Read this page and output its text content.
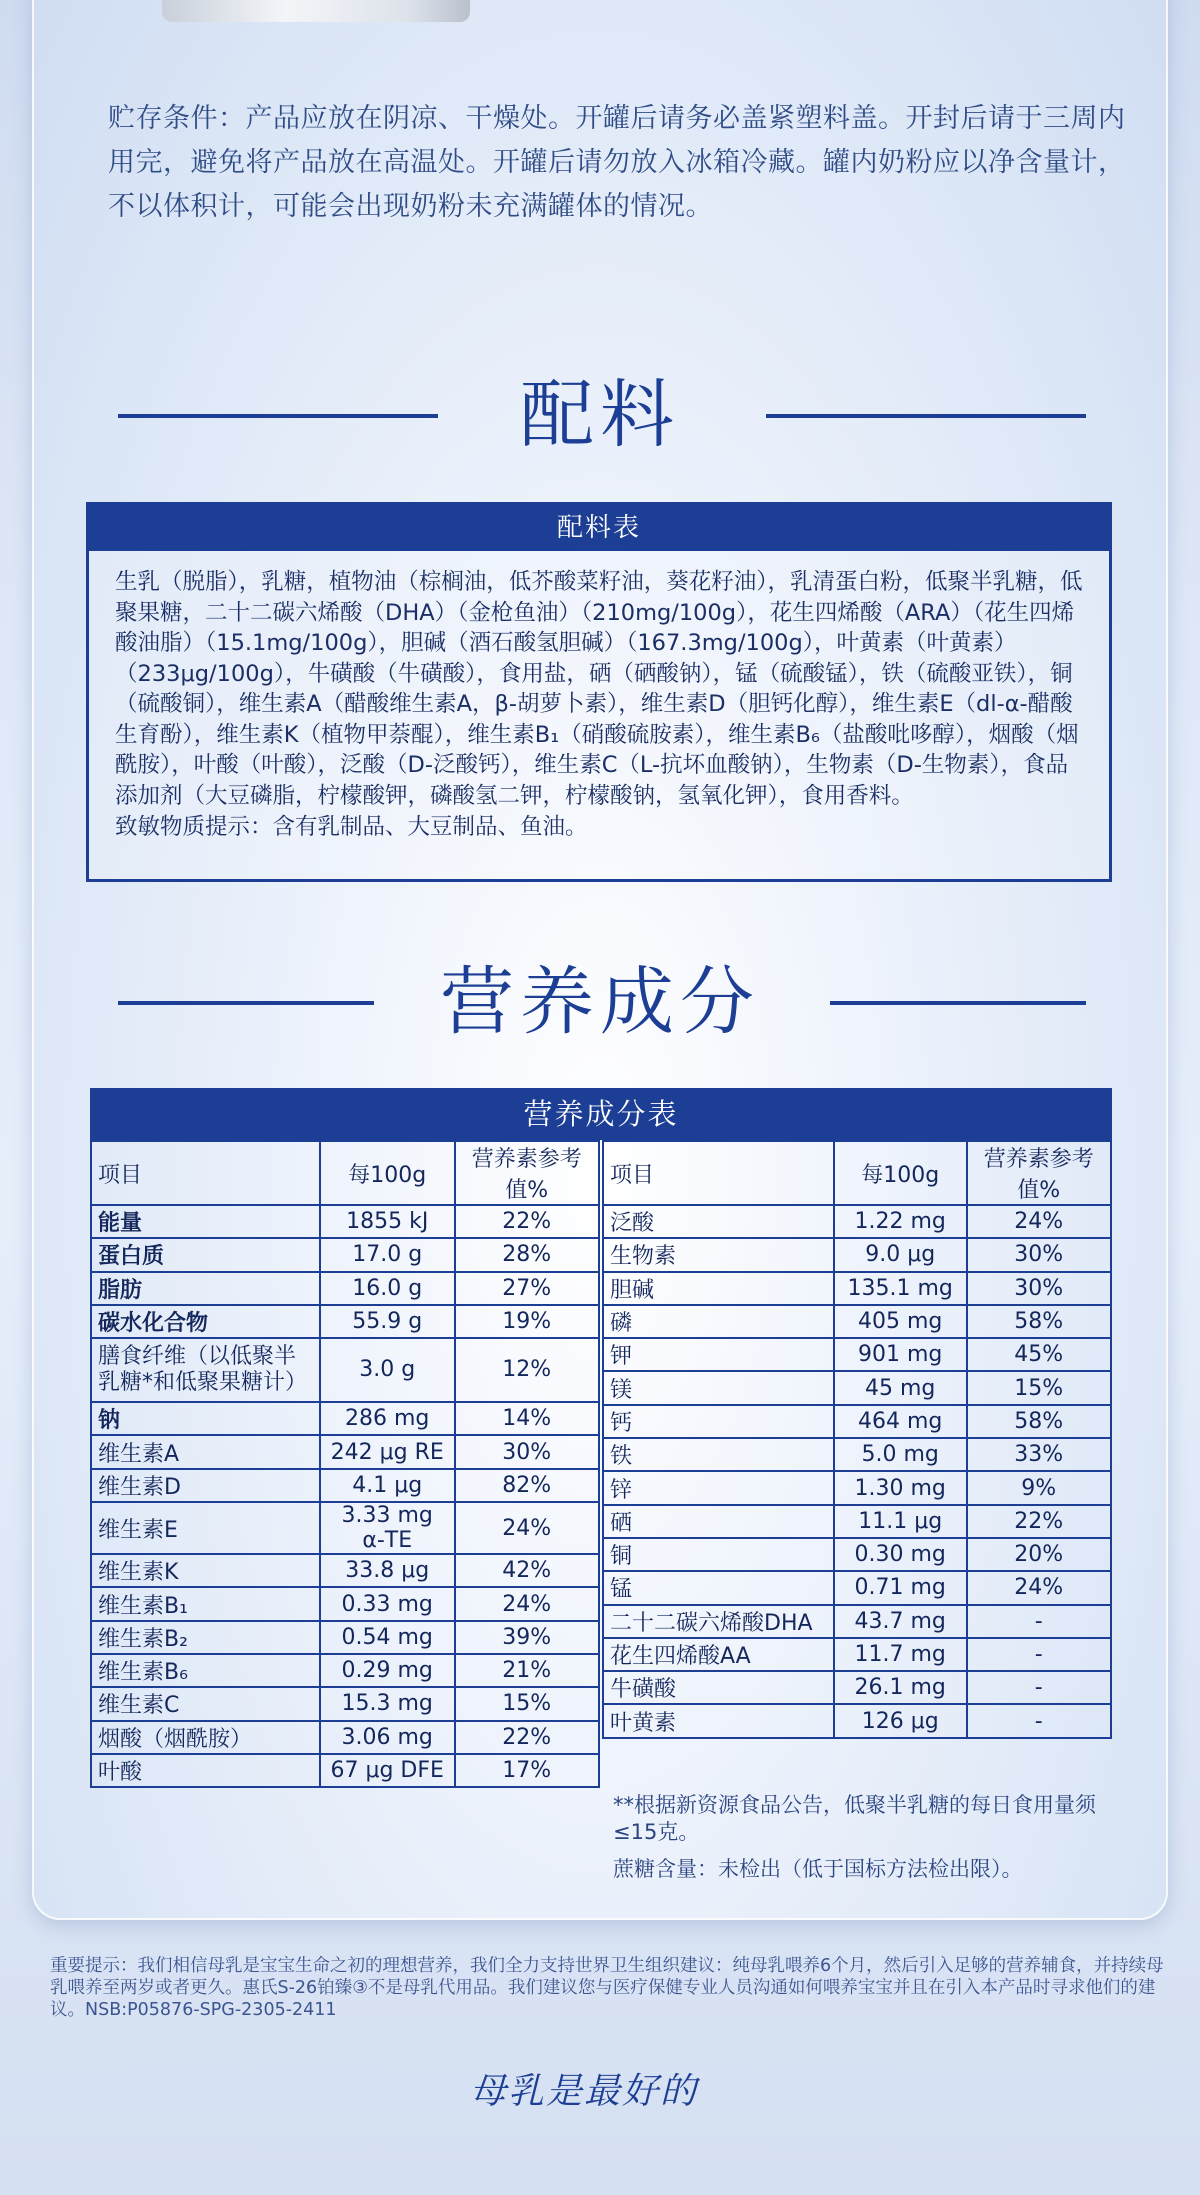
贮存条件：产品应放在阴凉、干燥处。开罐后请务必盖紧塑料盖。开封后请于三周内用完，避免将产品放在高温处。开罐后请勿放入冰箱冷藏。罐内奶粉应以净含量计，不以体积计，可能会出现奶粉未充满罐体的情况。
配料
配料表
生乳（脱脂），乳糖，植物油（棕榈油，低芥酸菜籽油，葵花籽油），乳清蛋白粉，低聚半乳糖，低聚果糖，二十二碳六烯酸（DHA）（金枪鱼油）（210mg/100g），花生四烯酸（ARA）（花生四烯酸油脂）（15.1mg/100g），胆碱（酒石酸氢胆碱）（167.3mg/100g），叶黄素（叶黄素）（233μg/100g），牛磺酸（牛磺酸），食用盐，硒（硒酸钠），锰（硫酸锰），铁（硫酸亚铁），铜（硫酸铜），维生素A（醋酸维生素A，β-胡萝卜素），维生素D（胆钙化醇），维生素E（dl-α-醋酸生育酚），维生素K（植物甲萘醌），维生素B₁（硝酸硫胺素），维生素B₆（盐酸吡哆醇），烟酸（烟酰胺），叶酸（叶酸），泛酸（D-泛酸钙），维生素C（L-抗坏血酸钠），生物素（D-生物素），食品添加剂（大豆磷脂，柠檬酸钾，磷酸氢二钾，柠檬酸钠，氢氧化钾），食用香料。
致敏物质提示：含有乳制品、大豆制品、鱼油。
营养成分
营养成分表
项目	每100g	营养素参考值%
能量	1855 kJ	22%
蛋白质	17.0 g	28%
脂肪	16.0 g	27%
碳水化合物	55.9 g	19%
膳食纤维（以低聚半乳糖*和低聚果糖计）	3.0 g	12%
钠	286 mg	14%
维生素A	242 μg RE	30%
维生素D	4.1 μg	82%
维生素E	3.33 mg α-TE	24%
维生素K	33.8 μg	42%
维生素B₁	0.33 mg	24%
维生素B₂	0.54 mg	39%
维生素B₆	0.29 mg	21%
维生素C	15.3 mg	15%
烟酸（烟酰胺）	3.06 mg	22%
叶酸	67 μg DFE	17%
项目	每100g	营养素参考值%
泛酸	1.22 mg	24%
生物素	9.0 μg	30%
胆碱	135.1 mg	30%
磷	405 mg	58%
钾	901 mg	45%
镁	45 mg	15%
钙	464 mg	58%
铁	5.0 mg	33%
锌	1.30 mg	9%
硒	11.1 μg	22%
铜	0.30 mg	20%
锰	0.71 mg	24%
二十二碳六烯酸DHA	43.7 mg	-
花生四烯酸AA	11.7 mg	-
牛磺酸	26.1 mg	-
叶黄素	126 μg	-
**根据新资源食品公告，低聚半乳糖的每日食用量须≤15克。
蔗糖含量：未检出（低于国标方法检出限）。
重要提示：我们相信母乳是宝宝生命之初的理想营养，我们全力支持世界卫生组织建议：纯母乳喂养6个月，然后引入足够的营养辅食，并持续母乳喂养至两岁或者更久。惠氏S-26铂臻③不是母乳代用品。我们建议您与医疗保健专业人员沟通如何喂养宝宝并且在引入本产品时寻求他们的建议。NSB:P05876-SPG-2305-2411
母乳是最好的
